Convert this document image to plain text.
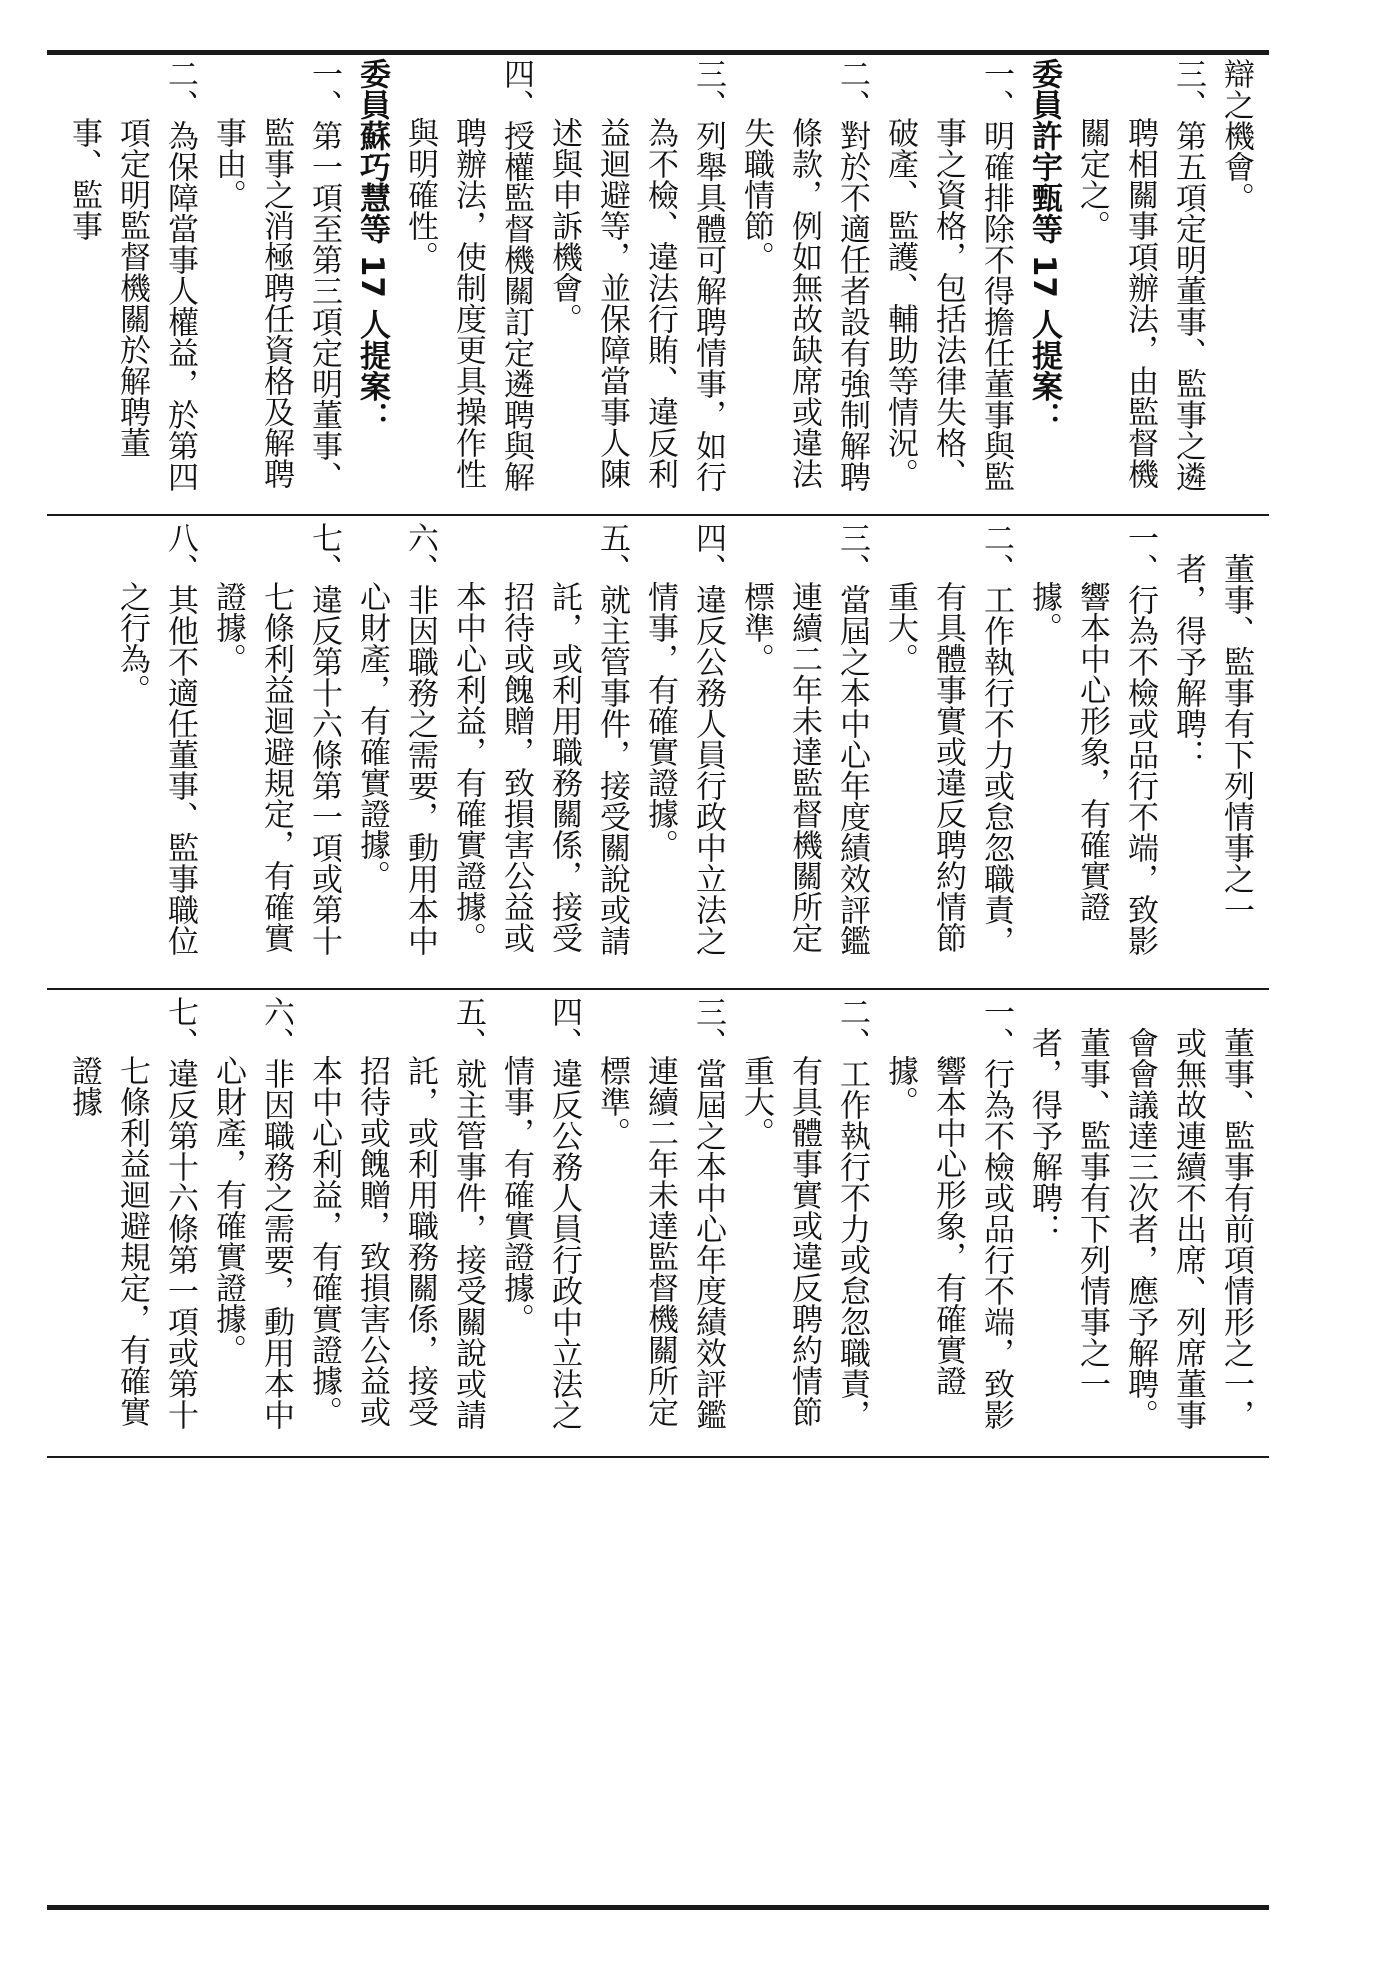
辯之機會。

三、第五項定明董事、監事之遴聘相關事項辦法，由監督機關定之。

委員許宇甄等 17 人提案：

一、明確排除不得擔任董事與監事之資格，包括法律失格、破產、監護、輔助等情況。

二、對於不適任者設有強制解聘條款，例如無故缺席或違法失職情節。

三、列舉具體可解聘情事，如行為不檢、違法行賄、違反利益迴避等，並保障當事人陳述與申訴機會。

四、授權監督機關訂定遴聘與解聘辦法，使制度更具操作性與明確性。

委員蘇巧慧等 17 人提案：

一、第一項至第三項定明董事、監事之消極聘任資格及解聘事由。

二、為保障當事人權益，於第四項定明監督機關於解聘董事、監事

董事、監事有下列情事之一者，得予解聘：

一、行為不檢或品行不端，致影響本中心形象，有確實證據。

二、工作執行不力或怠忽職責，有具體事實或違反聘約情節重大。

三、當屆之本中心年度績效評鑑連續二年未達監督機關所定標準。

四、違反公務人員行政中立法之情事，有確實證據。

五、就主管事件，接受關說或請託，或利用職務關係，接受招待或餽贈，致損害公益或本中心利益，有確實證據。

六、非因職務之需要，動用本中心財產，有確實證據。

七、違反第十六條第一項或第十七條利益迴避規定，有確實證據。

八、其他不適任董事、監事職位之行為。

董事、監事有前項情形之一，或無故連續不出席、列席董事會會議達三次者，應予解聘。

董事、監事有下列情事之一者，得予解聘：

一、行為不檢或品行不端，致影響本中心形象，有確實證據。

二、工作執行不力或怠忽職責，有具體事實或違反聘約情節重大。

三、當屆之本中心年度績效評鑑連續二年未達監督機關所定標準。

四、違反公務人員行政中立法之情事，有確實證據。

五、就主管事件，接受關說或請託，或利用職務關係，接受招待或餽贈，致損害公益或本中心利益，有確實證據。

六、非因職務之需要，動用本中心財產，有確實證據。

七、違反第十六條第一項或第十七條利益迴避規定，有確實證據
